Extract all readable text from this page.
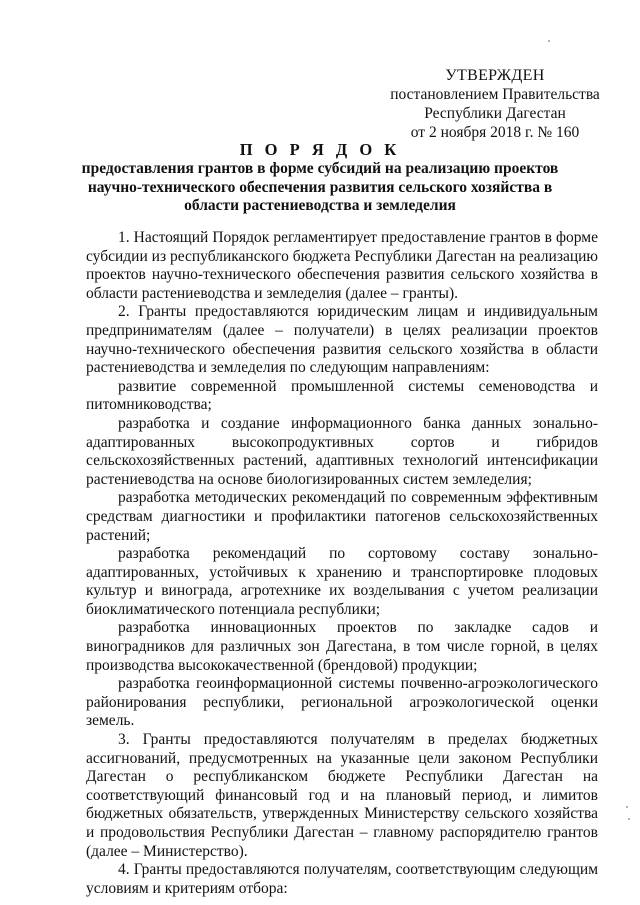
УТВЕРЖДЕН
постановлением Правительства
Республики Дагестан
от 2 ноября 2018 г. № 160
П О Р Я Д О К
предоставления грантов в форме субсидий на реализацию проектов научно-технического обеспечения развития сельского хозяйства в области растениеводства и земледелия

1. Настоящий Порядок регламентирует предоставление грантов в форме субсидии из республиканского бюджета Республики Дагестан на реализацию проектов научно-технического обеспечения развития сельского хозяйства в области растениеводства и земледелия (далее – гранты).

2. Гранты предоставляются юридическим лицам и индивидуальным предпринимателям (далее – получатели) в целях реализации проектов научно-технического обеспечения развития сельского хозяйства в области растениеводства и земледелия по следующим направлениям:

развитие современной промышленной системы семеноводства и питомниководства;

разработка и создание информационного банка данных зонально-адаптированных высокопродуктивных сортов и гибридов сельскохозяйственных растений, адаптивных технологий интенсификации растениеводства на основе биологизированных систем земледелия;

разработка методических рекомендаций по современным эффективным средствам диагностики и профилактики патогенов сельскохозяйственных растений;

разработка рекомендаций по сортовому составу зонально-адаптированных, устойчивых к хранению и транспортировке плодовых культур и винограда, агротехнике их возделывания с учетом реализации биоклиматического потенциала республики;

разработка инновационных проектов по закладке садов и виноградников для различных зон Дагестана, в том числе горной, в целях производства высококачественной (брендовой) продукции;

разработка геоинформационной системы почвенно-агроэкологического районирования республики, региональной агроэкологической оценки земель.

3. Гранты предоставляются получателям в пределах бюджетных ассигнований, предусмотренных на указанные цели законом Республики Дагестан о республиканском бюджете Республики Дагестан на соответствующий финансовый год и на плановый период, и лимитов бюджетных обязательств, утвержденных Министерству сельского хозяйства и продовольствия Республики Дагестан – главному распорядителю грантов (далее – Министерство).

4. Гранты предоставляются получателям, соответствующим следующим условиям и критериям отбора:
